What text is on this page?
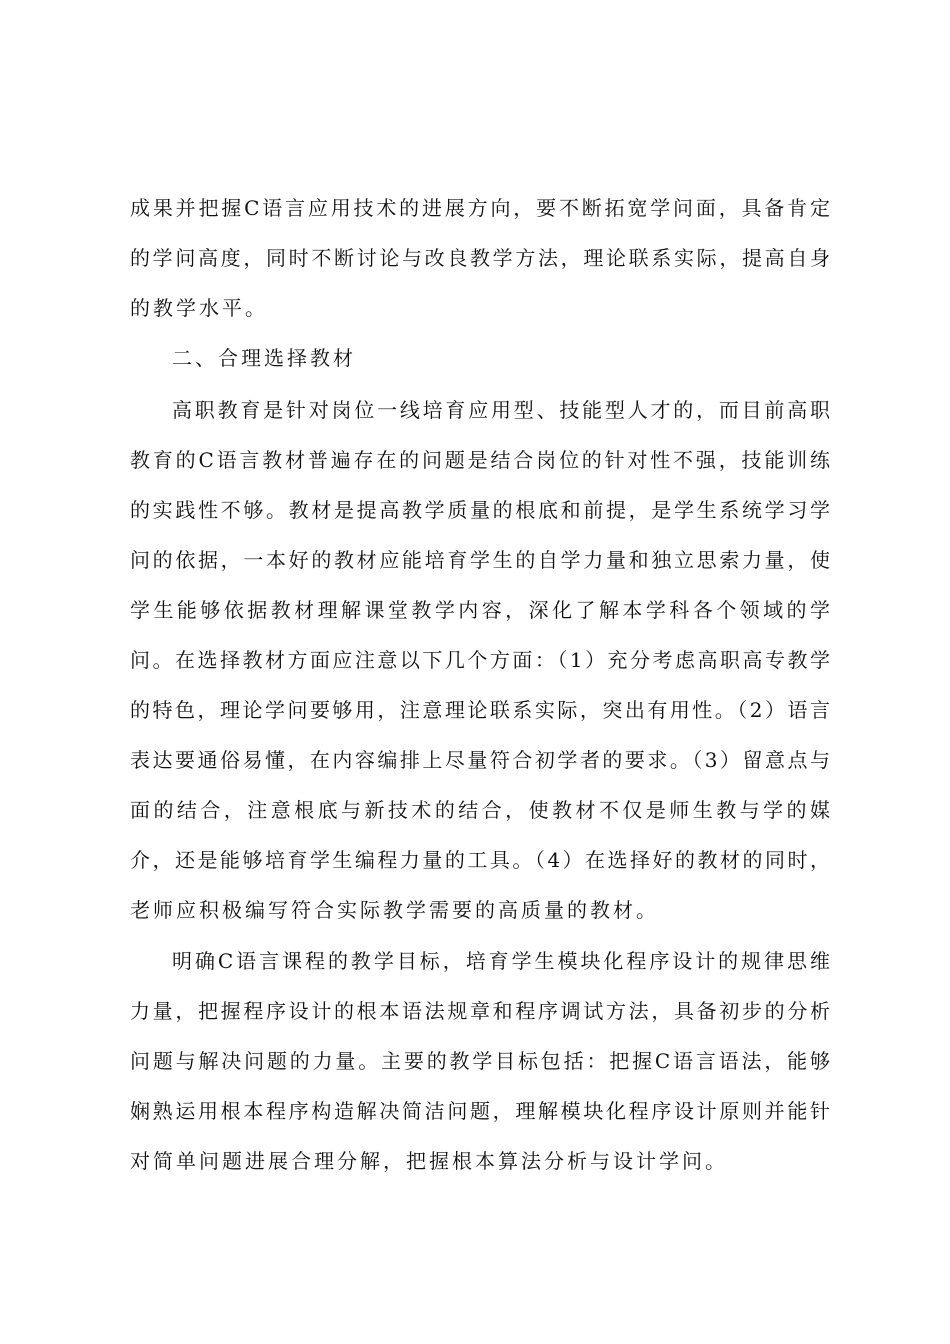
成果并把握C语言应用技术的进展方向，要不断拓宽学问面，具备肯定
的学问高度，同时不断讨论与改良教学方法，理论联系实际，提高自身
的教学水平。
二、合理选择教材
高职教育是针对岗位一线培育应用型、技能型人才的，而目前高职
教育的C语言教材普遍存在的问题是结合岗位的针对性不强，技能训练
的实践性不够。教材是提高教学质量的根底和前提，是学生系统学习学
问的依据，一本好的教材应能培育学生的自学力量和独立思索力量，使
学生能够依据教材理解课堂教学内容，深化了解本学科各个领域的学
问。在选择教材方面应注意以下几个方面：（1）充分考虑高职高专教学
的特色，理论学问要够用，注意理论联系实际，突出有用性。（2）语言
表达要通俗易懂，在内容编排上尽量符合初学者的要求。（3）留意点与
面的结合，注意根底与新技术的结合，使教材不仅是师生教与学的媒
介，还是能够培育学生编程力量的工具。（4）在选择好的教材的同时，
老师应积极编写符合实际教学需要的高质量的教材。
明确C语言课程的教学目标，培育学生模块化程序设计的规律思维
力量，把握程序设计的根本语法规章和程序调试方法，具备初步的分析
问题与解决问题的力量。主要的教学目标包括：把握C语言语法，能够
娴熟运用根本程序构造解决简洁问题，理解模块化程序设计原则并能针
对简单问题进展合理分解，把握根本算法分析与设计学问。
